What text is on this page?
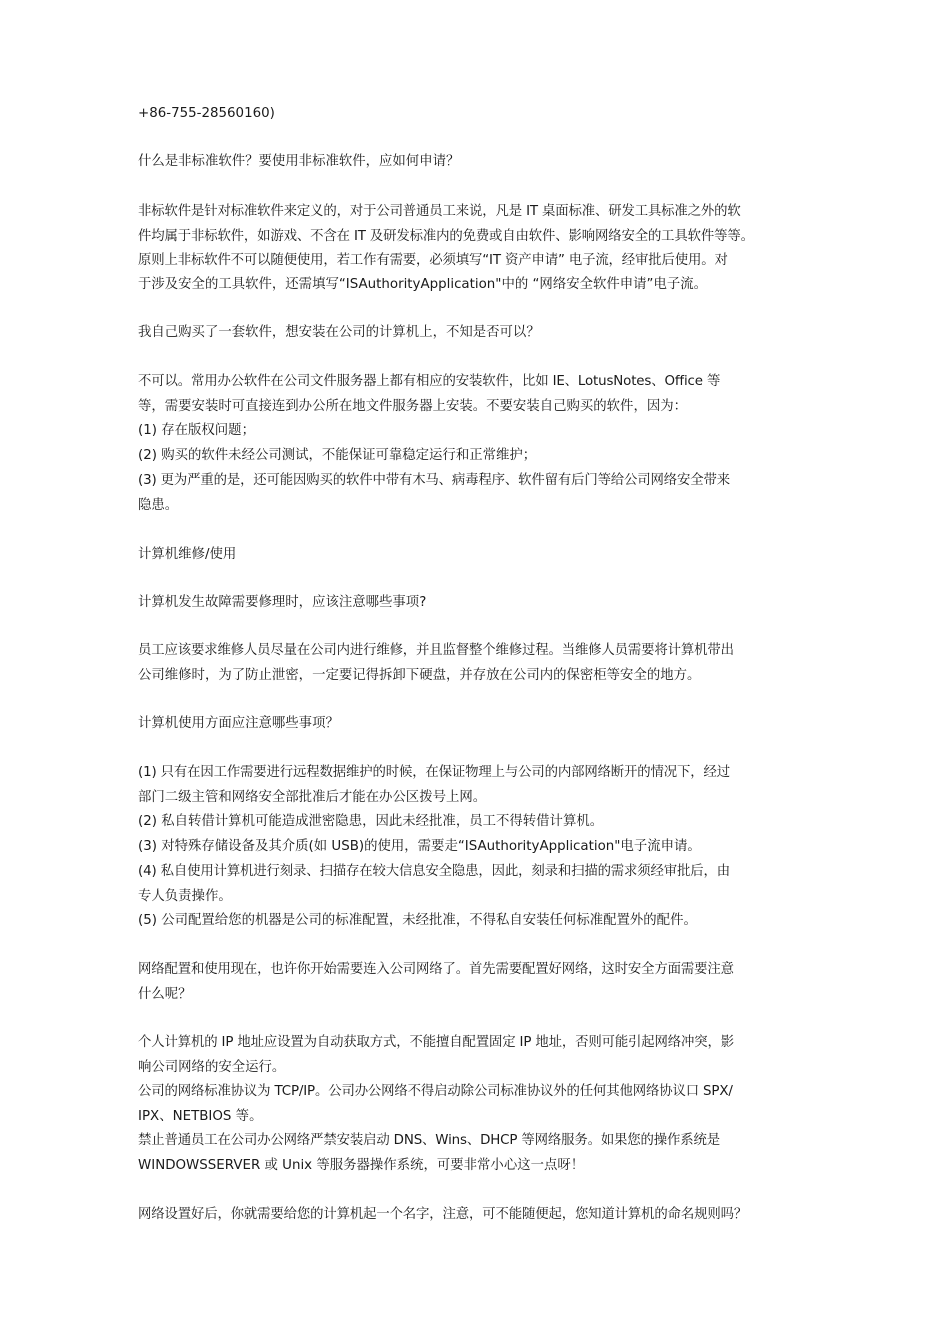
+86-755-28560160)
什么是非标准软件？要使用非标准软件，应如何申请？
非标软件是针对标准软件来定义的，对于公司普通员工来说，凡是 IT 桌面标准、研发工具标准之外的软
件均属于非标软件，如游戏、不含在 IT 及研发标准内的免费或自由软件、影响网络安全的工具软件等等。
原则上非标软件不可以随便使用，若工作有需要，必须填写“IT 资产申请” 电子流，经审批后使用。对
于涉及安全的工具软件，还需填写“ISAuthorityApplication"中的 “网络安全软件申请”电子流。
我自己购买了一套软件，想安装在公司的计算机上，不知是否可以？
不可以。常用办公软件在公司文件服务器上都有相应的安装软件，比如 IE、LotusNotes、Office 等
等，需要安装时可直接连到办公所在地文件服务器上安装。不要安装自己购买的软件，因为：
(1) 存在版权问题；
(2) 购买的软件未经公司测试，不能保证可靠稳定运行和正常维护；
(3) 更为严重的是，还可能因购买的软件中带有木马、病毒程序、软件留有后门等给公司网络安全带来
隐患。
计算机维修/使用
计算机发生故障需要修理时，应该注意哪些事项?
员工应该要求维修人员尽量在公司内进行维修，并且监督整个维修过程。当维修人员需要将计算机带出
公司维修时，为了防止泄密，一定要记得拆卸下硬盘，并存放在公司内的保密柜等安全的地方。
计算机使用方面应注意哪些事项？
(1) 只有在因工作需要进行远程数据维护的时候，在保证物理上与公司的内部网络断开的情况下，经过
部门二级主管和网络安全部批准后才能在办公区拨号上网。
(2) 私自转借计算机可能造成泄密隐患，因此未经批准，员工不得转借计算机。
(3) 对特殊存储设备及其介质(如 USB)的使用，需要走“ISAuthorityApplication"电子流申请。
(4) 私自使用计算机进行刻录、扫描存在较大信息安全隐患，因此，刻录和扫描的需求须经审批后，由
专人负责操作。
(5) 公司配置给您的机器是公司的标准配置，未经批准，不得私自安装任何标准配置外的配件。
网络配置和使用现在，也许你开始需要连入公司网络了。首先需要配置好网络，这时安全方面需要注意
什么呢？
个人计算机的 IP 地址应设置为自动获取方式，不能擅自配置固定 IP 地址，否则可能引起网络冲突，影
响公司网络的安全运行。
公司的网络标准协议为 TCP/IP。公司办公网络不得启动除公司标准协议外的任何其他网络协议口 SPX/
IPX、NETBIOS 等。
禁止普通员工在公司办公网络严禁安装启动 DNS、Wins、DHCP 等网络服务。如果您的操作系统是
WINDOWSSERVER 或 Unix 等服务器操作系统，可要非常小心这一点呀！
网络设置好后，你就需要给您的计算机起一个名字，注意，可不能随便起，您知道计算机的命名规则吗？
